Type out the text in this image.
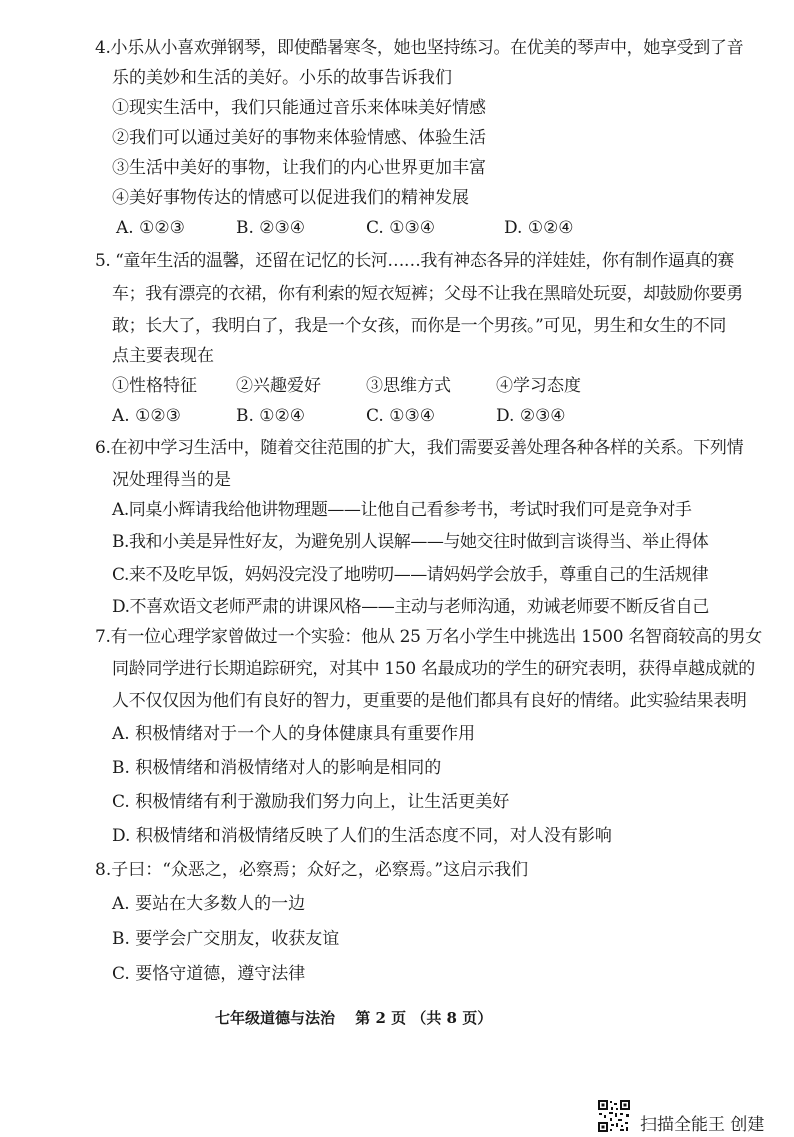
4.小乐从小喜欢弹钢琴，即使酷暑寒冬，她也坚持练习。在优美的琴声中，她享受到了音
乐的美妙和生活的美好。小乐的故事告诉我们
①现实生活中，我们只能通过音乐来体味美好情感
②我们可以通过美好的事物来体验情感、体验生活
③生活中美好的事物，让我们的内心世界更加丰富
④美好事物传达的情感可以促进我们的精神发展
A. ①②③	B. ②③④	C. ①③④	D. ①②④
5. “童年生活的温馨，还留在记忆的长河……我有神态各异的洋娃娃，你有制作逼真的赛
车；我有漂亮的衣裙，你有利索的短衣短裤；父母不让我在黑暗处玩耍，却鼓励你要勇
敢；长大了，我明白了，我是一个女孩，而你是一个男孩。”可见，男生和女生的不同
点主要表现在
①性格特征 ②兴趣爱好	③思维方式	④学习态度
A. ①②③	B. ①②④	C. ①③④	D. ②③④
6.在初中学习生活中，随着交往范围的扩大，我们需要妥善处理各种各样的关系。下列情
况处理得当的是
A.同桌小辉请我给他讲物理题——让他自己看参考书，考试时我们可是竞争对手
B.我和小美是异性好友，为避免别人误解——与她交往时做到言谈得当、举止得体
C.来不及吃早饭，妈妈没完没了地唠叨——请妈妈学会放手，尊重自己的生活规律
D.不喜欢语文老师严肃的讲课风格——主动与老师沟通，劝诫老师要不断反省自己
7.有一位心理学家曾做过一个实验：他从 25 万名小学生中挑选出 1500 名智商较高的男女
同龄同学进行长期追踪研究，对其中 150 名最成功的学生的研究表明，获得卓越成就的
人不仅仅因为他们有良好的智力，更重要的是他们都具有良好的情绪。此实验结果表明
A. 积极情绪对于一个人的身体健康具有重要作用
B. 积极情绪和消极情绪对人的影响是相同的
C. 积极情绪有利于激励我们努力向上，让生活更美好
D. 积极情绪和消极情绪反映了人们的生活态度不同，对人没有影响
8.子曰：“众恶之，必察焉；众好之，必察焉。”这启示我们
A. 要站在大多数人的一边
B. 要学会广交朋友，收获友谊
C. 要恪守道德，遵守法律
七年级道德与法治　 第 2 页 （共 8 页）
扫描全能王 创建
